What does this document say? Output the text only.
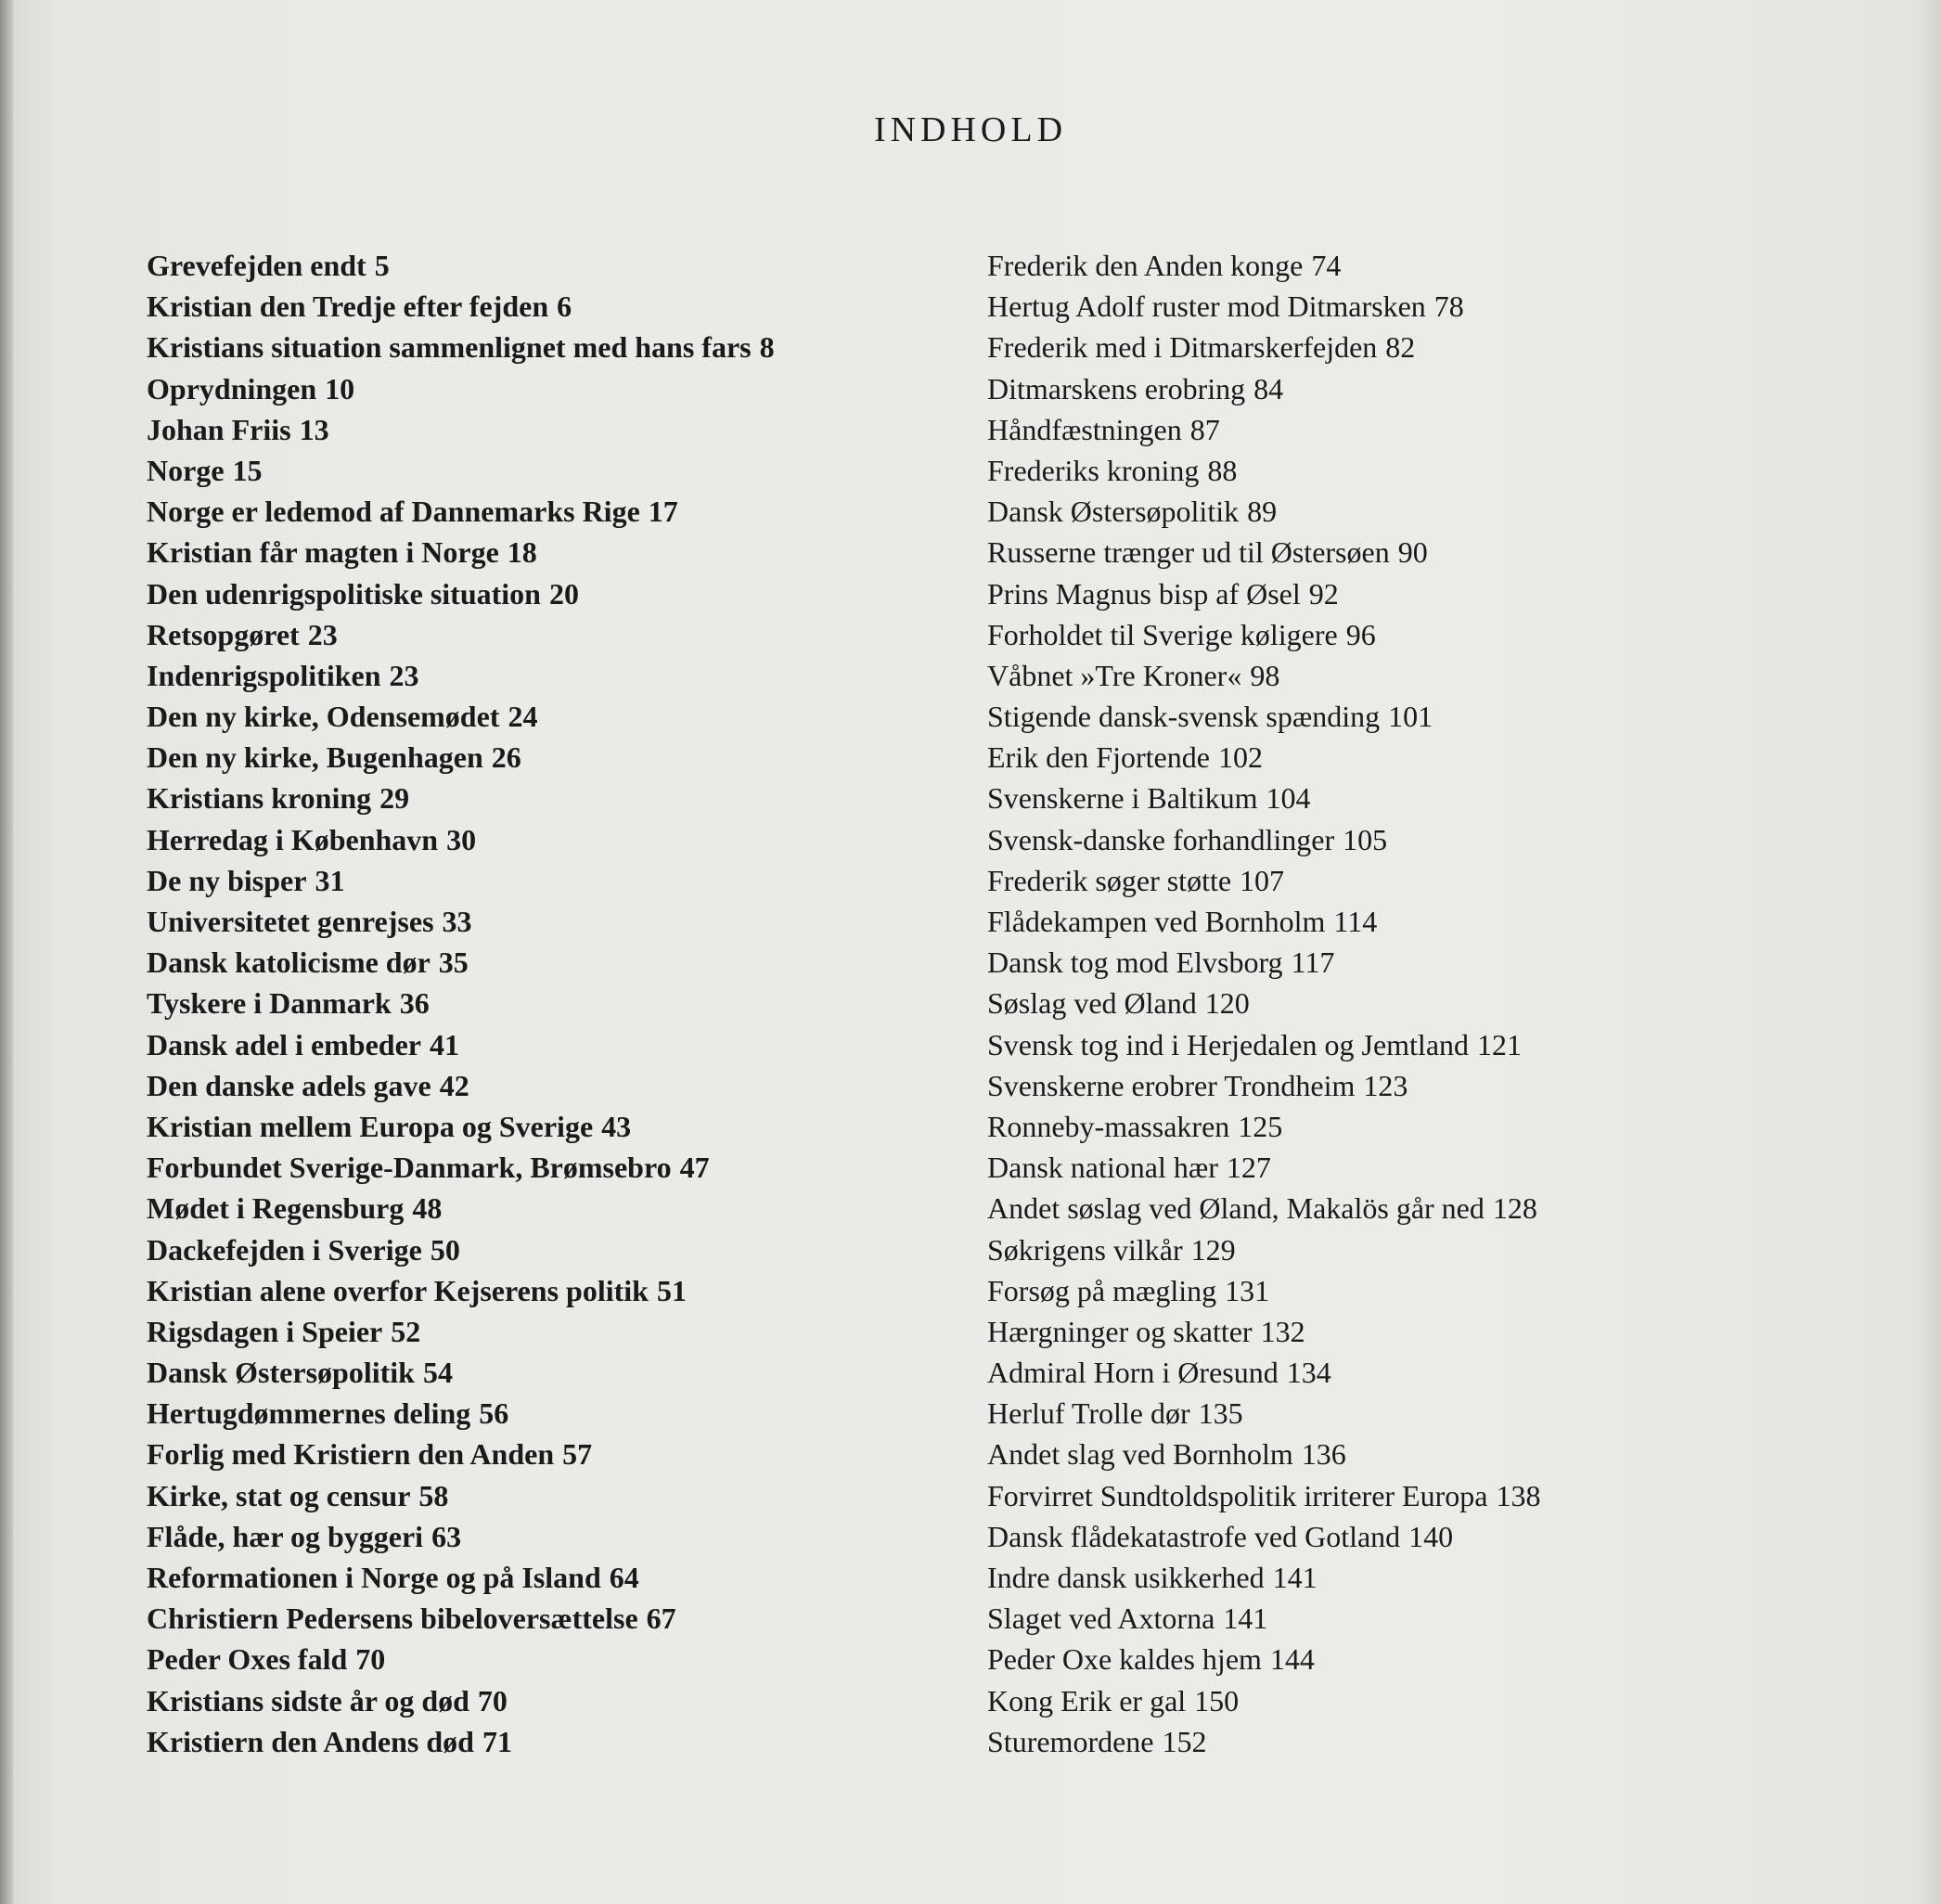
INDHOLD
Grevefejden endt 5
Kristian den Tredje efter fejden 6
Kristians situation sammenlignet med hans fars 8
Oprydningen 10
Johan Friis 13
Norge 15
Norge er ledemod af Dannemarks Rige 17
Kristian får magten i Norge 18
Den udenrigspolitiske situation 20
Retsopgøret 23
Indenrigspolitiken 23
Den ny kirke, Odensemødet 24
Den ny kirke, Bugenhagen 26
Kristians kroning 29
Herredag i København 30
De ny bisper 31
Universitetet genrejses 33
Dansk katolicisme dør 35
Tyskere i Danmark 36
Dansk adel i embeder 41
Den danske adels gave 42
Kristian mellem Europa og Sverige 43
Forbundet Sverige-Danmark, Brømsebro 47
Mødet i Regensburg 48
Dackefejden i Sverige 50
Kristian alene overfor Kejserens politik 51
Rigsdagen i Speier 52
Dansk Østersøpolitik 54
Hertugdømmernes deling 56
Forlig med Kristiern den Anden 57
Kirke, stat og censur 58
Flåde, hær og byggeri 63
Reformationen i Norge og på Island 64
Christiern Pedersens bibeloversættelse 67
Peder Oxes fald 70
Kristians sidste år og død 70
Kristiern den Andens død 71
Frederik den Anden konge 74
Hertug Adolf ruster mod Ditmarsken 78
Frederik med i Ditmarskerfejden 82
Ditmarskens erobring 84
Håndfæstningen 87
Frederiks kroning 88
Dansk Østersøpolitik 89
Russerne trænger ud til Østersøen 90
Prins Magnus bisp af Øsel 92
Forholdet til Sverige køligere 96
Våbnet »Tre Kroner« 98
Stigende dansk-svensk spænding 101
Erik den Fjortende 102
Svenskerne i Baltikum 104
Svensk-danske forhandlinger 105
Frederik søger støtte 107
Flådekampen ved Bornholm 114
Dansk tog mod Elvsborg 117
Søslag ved Øland 120
Svensk tog ind i Herjedalen og Jemtland 121
Svenskerne erobrer Trondheim 123
Ronneby-massakren 125
Dansk national hær 127
Andet søslag ved Øland, Makalös går ned 128
Søkrigens vilkår 129
Forsøg på mægling 131
Hærgninger og skatter 132
Admiral Horn i Øresund 134
Herluf Trolle dør 135
Andet slag ved Bornholm 136
Forvirret Sundtoldspolitik irriterer Europa 138
Dansk flådekatastrofe ved Gotland 140
Indre dansk usikkerhed 141
Slaget ved Axtorna 141
Peder Oxe kaldes hjem 144
Kong Erik er gal 150
Sturemordene 152
